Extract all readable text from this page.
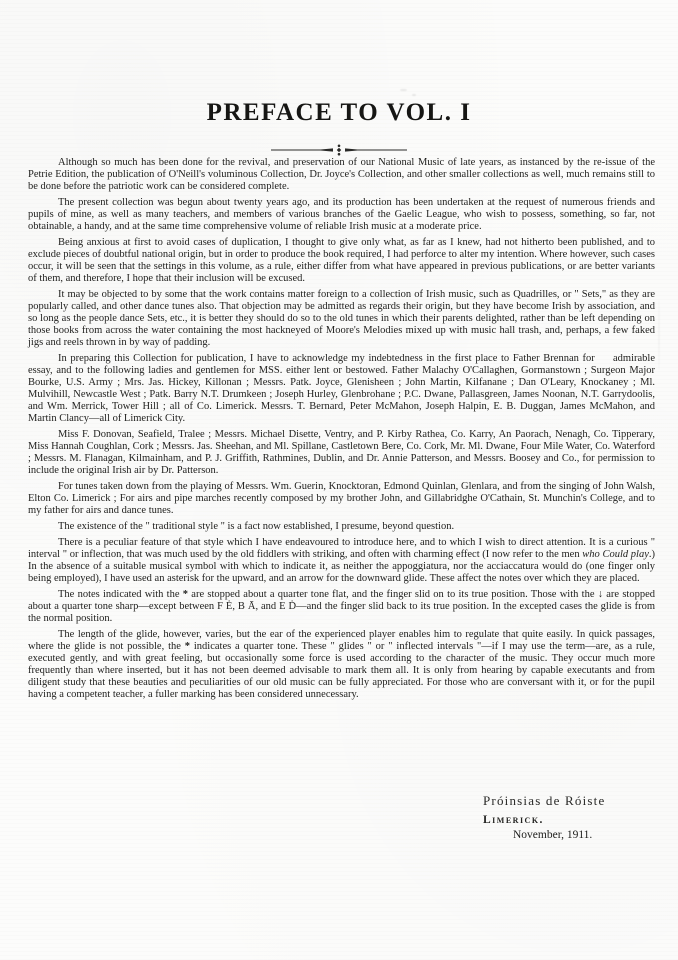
PREFACE TO VOL. I

Although so much has been done for the revival, and preservation of our National Music of late years, as instanced by the re-issue of the Petrie Edition, the publication of O'Neill's voluminous Collection, Dr. Joyce's Collection, and other smaller collections as well, much remains still to be done before the patriotic work can be considered complete.

The present collection was begun about twenty years ago, and its production has been undertaken at the request of numerous friends and pupils of mine, as well as many teachers, and members of various branches of the Gaelic League, who wish to possess, something, so far, not obtainable, a handy, and at the same time comprehensive volume of reliable Irish music at a moderate price.

Being anxious at first to avoid cases of duplication, I thought to give only what, as far as I knew, had not hitherto been published, and to exclude pieces of doubtful national origin, but in order to produce the book required, I had perforce to alter my intention. Where however, such cases occur, it will be seen that the settings in this volume, as a rule, either differ from what have appeared in previous publications, or are better variants of them, and therefore, I hope that their inclusion will be excused.

It may be objected to by some that the work contains matter foreign to a collection of Irish music, such as Quadrilles, or " Sets," as they are popularly called, and other dance tunes also. That objection may be admitted as regards their origin, but they have become Irish by association, and so long as the people dance Sets, etc., it is better they should do so to the old tunes in which their parents delighted, rather than be left depending on those books from across the water containing the most hackneyed of Moore's Melodies mixed up with music hall trash, and, perhaps, a few faked jigs and reels thrown in by way of padding.

In preparing this Collection for publication, I have to acknowledge my indebtedness in the first place to Father Brennan for     admirable essay, and to the following ladies and gentlemen for MSS. either lent or bestowed. Father Malachy O'Callaghen, Gormanstown ; Surgeon Major Bourke, U.S. Army ; Mrs. Jas. Hickey, Killonan ; Messrs. Patk. Joyce, Glenisheen ; John Martin, Kilfanane ; Dan O'Leary, Knockaney ; Ml. Mulvihill, Newcastle West ; Patk. Barry N.T. Drumkeen ; Joseph Hurley, Glenbrohane ; P.C. Dwane, Pallasgreen, James Noonan, N.T. Garrydoolis, and Wm. Merrick, Tower Hill ; all of Co. Limerick. Messrs. T. Bernard, Peter McMahon, Joseph Halpin, E. B. Duggan, James McMahon, and Martin Clancy—all of Limerick City.

Miss F. Donovan, Seafield, Tralee ; Messrs. Michael Disette, Ventry, and P. Kirby Rathea, Co. Karry, An Paorach, Nenagh, Co. Tipperary, Miss Hannah Coughlan, Cork ; Messrs. Jas. Sheehan, and Ml. Spillane, Castletown Bere, Co. Cork, Mr. Ml. Dwane, Four Mile Water, Co. Waterford ; Messrs. M. Flanagan, Kilmainham, and P. J. Griffith, Rathmines, Dublin, and Dr. Annie Patterson, and Messrs. Boosey and Co., for permission to include the original Irish air by Dr. Patterson.

For tunes taken down from the playing of Messrs. Wm. Guerin, Knocktoran, Edmond Quinlan, Glenlara, and from the singing of John Walsh, Elton Co. Limerick ; For airs and pipe marches recently composed by my brother John, and Gillabridghe O'Cathain, St. Munchin's College, and to my father for airs and dance tunes.

The existence of the " traditional style " is a fact now established, I presume, beyond question.

There is a peculiar feature of that style which I have endeavoured to introduce here, and to which I wish to direct attention. It is a curious " interval " or inflection, that was much used by the old fiddlers with striking, and often with charming effect (I now refer to the men who Could play.) In the absence of a suitable musical symbol with which to indicate it, as neither the appoggiatura, nor the acciaccatura would do (one finger only being employed), I have used an asterisk for the upward, and an arrow for the downward glide. These affect the notes over which they are placed.

The notes indicated with the * are stopped about a quarter tone flat, and the finger slid on to its true position. Those with the ↓ are stopped about a quarter tone sharp—except between F Ė, B Ā, and E Ḋ—and the finger slid back to its true position. In the excepted cases the glide is from the normal position.

The length of the glide, however, varies, but the ear of the experienced player enables him to regulate that quite easily. In quick passages, where the glide is not possible, the * indicates a quarter tone. These " glides " or " inflected intervals "—if I may use the term—are, as a rule, executed gently, and with great feeling, but occasionally some force is used according to the character of the music. They occur much more frequently than where inserted, but it has not been deemed advisable to mark them all. It is only from hearing by capable executants and from diligent study that these beauties and peculiarities of our old music can be fully appreciated. For those who are conversant with it, or for the pupil having a competent teacher, a fuller marking has been considered unnecessary.

Próinsias de Róiste
Limerick.
November, 1911.
